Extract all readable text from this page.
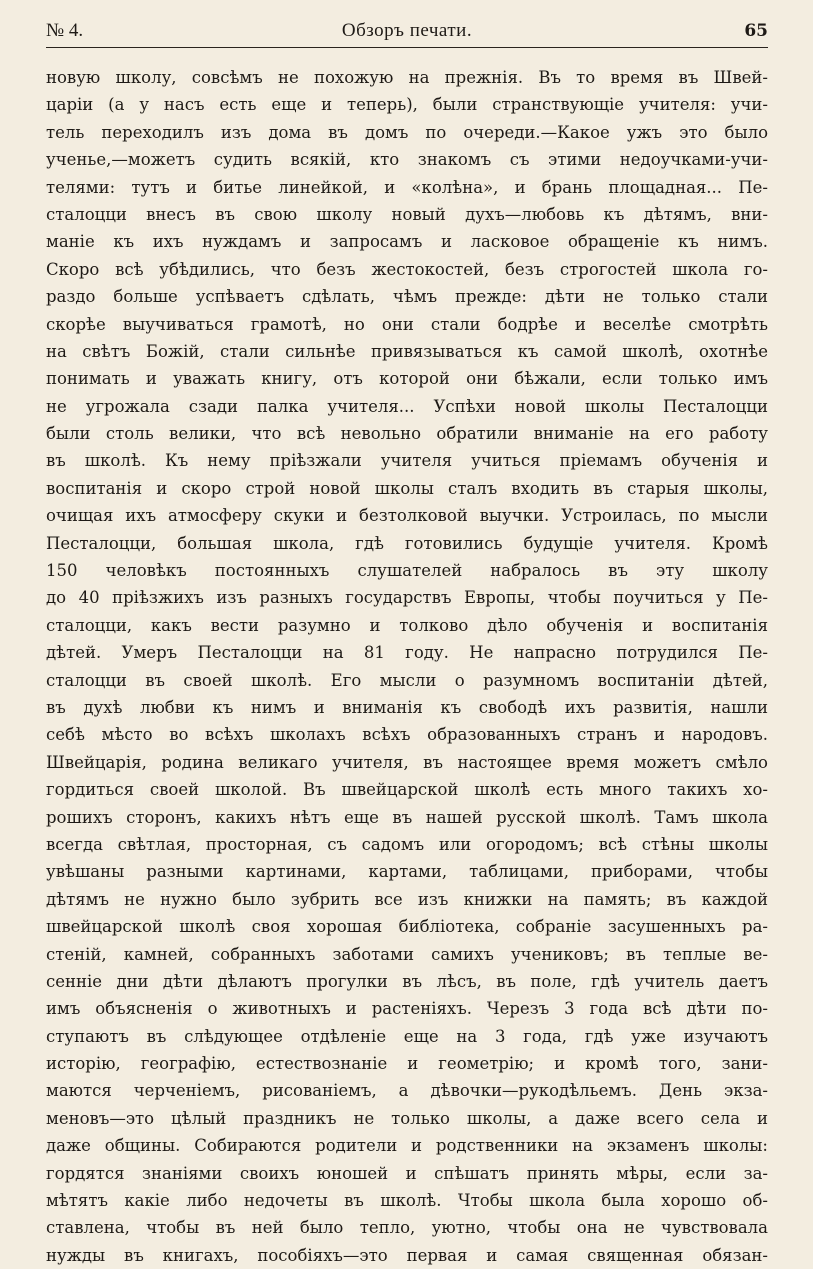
№ 4.	Обзоръ печати.	65
новую школу, совсѣмъ не похожую на прежнія. Въ то время въ Швей-
царіи (а у насъ есть еще и теперь), были странствующіе учителя: учи-
тель переходилъ изъ дома въ домъ по очереди.—Какое ужъ это было
ученье,—можетъ судить всякій, кто знакомъ съ этими недоучками-учи-
телями: тутъ и битье линейкой, и «колѣна», и брань площадная... Пе-
сталоцци внесъ въ свою школу новый духъ—любовь къ дѣтямъ, вни-
маніе къ ихъ нуждамъ и запросамъ и ласковое обращеніе къ нимъ.
Скоро всѣ убѣдились, что безъ жестокостей, безъ строгостей школа го-
раздо больше успѣваетъ сдѣлать, чѣмъ прежде: дѣти не только стали
скорѣе выучиваться грамотѣ, но они стали бодрѣе и веселѣе смотрѣть
на свѣтъ Божій, стали сильнѣе привязываться къ самой школѣ, охотнѣе
понимать и уважать книгу, отъ которой они бѣжали, если только имъ
не угрожала сзади палка учителя... Успѣхи новой школы Песталоцци
были столь велики, что всѣ невольно обратили вниманіе на его работу
въ школѣ. Къ нему пріѣзжали учителя учиться пріемамъ обученія и
воспитанія и скоро строй новой школы сталъ входить въ старыя школы,
очищая ихъ атмосферу скуки и безтолковой выучки. Устроилась, по мысли
Песталоцци, большая школа, гдѣ готовились будущіе учителя. Кромѣ
150 человѣкъ постоянныхъ слушателей набралось въ эту школу
до 40 пріѣзжихъ изъ разныхъ государствъ Европы, чтобы поучиться у Пе-
сталоцци, какъ вести разумно и толково дѣло обученія и воспитанія
дѣтей. Умеръ Песталоцци на 81 году. Не напрасно потрудился Пе-
сталоцци въ своей школѣ. Его мысли о разумномъ воспитаніи дѣтей,
въ духѣ любви къ нимъ и вниманія къ свободѣ ихъ развитія, нашли
себѣ мѣсто во всѣхъ школахъ всѣхъ образованныхъ странъ и народовъ.
Швейцарія, родина великаго учителя, въ настоящее время можетъ смѣло
гордиться своей школой. Въ швейцарской школѣ есть много такихъ хо-
рошихъ сторонъ, какихъ нѣтъ еще въ нашей русской школѣ. Тамъ школа
всегда свѣтлая, просторная, съ садомъ или огородомъ; всѣ стѣны школы
увѣшаны разными картинами, картами, таблицами, приборами, чтобы
дѣтямъ не нужно было зубрить все изъ книжки на память; въ каждой
швейцарской школѣ своя хорошая библіотека, собраніе засушенныхъ ра-
стеній, камней, собранныхъ заботами самихъ учениковъ; въ теплые ве-
сенніе дни дѣти дѣлаютъ прогулки въ лѣсъ, въ поле, гдѣ учитель даетъ
имъ объясненія о животныхъ и растеніяхъ. Черезъ 3 года всѣ дѣти по-
ступаютъ въ слѣдующее отдѣленіе еще на 3 года, гдѣ уже изучаютъ
исторію, географію, естествознаніе и геометрію; и кромѣ того, зани-
маются черченіемъ, рисованіемъ, а дѣвочки—рукодѣльемъ. День экза-
меновъ—это цѣлый праздникъ не только школы, а даже всего села и
даже общины. Собираются родители и родственники на экзаменъ школы:
гордятся знаніями своихъ юношей и спѣшатъ принять мѣры, если за-
мѣтятъ какіе либо недочеты въ школѣ. Чтобы школа была хорошо об-
ставлена, чтобы въ ней было тепло, уютно, чтобы она не чувствовала
нужды въ книгахъ, пособіяхъ—это первая и самая священная обязан-
